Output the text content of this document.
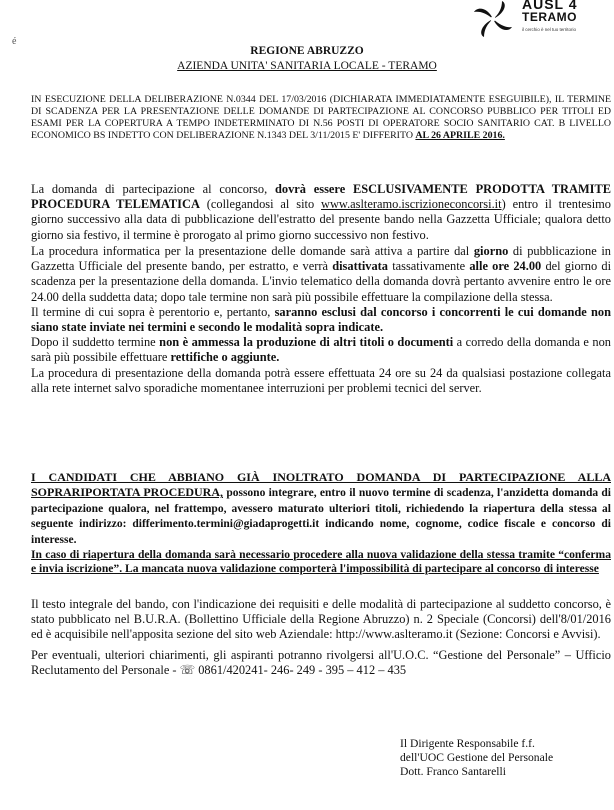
AUSL 4
TERAMO
il cerchio è nel tuo territorio
é
REGIONE ABRUZZO
AZIENDA UNITA' SANITARIA LOCALE - TERAMO
IN ESECUZIONE DELLA DELIBERAZIONE N.0344 DEL 17/03/2016 (DICHIARATA IMMEDIATAMENTE ESEGUIBILE), IL TERMINE DI SCADENZA PER LA PRESENTAZIONE DELLE DOMANDE DI PARTECIPAZIONE AL CONCORSO PUBBLICO PER TITOLI ED ESAMI PER LA COPERTURA A TEMPO INDETERMINATO DI N.56 POSTI DI OPERATORE SOCIO SANITARIO CAT. B LIVELLO ECONOMICO BS INDETTO CON DELIBERAZIONE N.1343 DEL 3/11/2015 E' DIFFERITO AL 26 APRILE 2016.
La domanda di partecipazione al concorso, dovrà essere ESCLUSIVAMENTE PRODOTTA TRAMITE PROCEDURA TELEMATICA (collegandosi al sito www.aslteramo.iscrizioneconcorsi.it) entro il trentesimo giorno successivo alla data di pubblicazione dell'estratto del presente bando nella Gazzetta Ufficiale; qualora detto giorno sia festivo, il termine è prorogato al primo giorno successivo non festivo.

La procedura informatica per la presentazione delle domande sarà attiva a partire dal giorno di pubblicazione in Gazzetta Ufficiale del presente bando, per estratto, e verrà disattivata tassativamente alle ore 24.00 del giorno di scadenza per la presentazione della domanda. L'invio telematico della domanda dovrà pertanto avvenire entro le ore 24.00 della suddetta data; dopo tale termine non sarà più possibile effettuare la compilazione della stessa.

Il termine di cui sopra è perentorio e, pertanto, saranno esclusi dal concorso i concorrenti le cui domande non siano state inviate nei termini e secondo le modalità sopra indicate.

Dopo il suddetto termine non è ammessa la produzione di altri titoli o documenti a corredo della domanda e non sarà più possibile effettuare rettifiche o aggiunte.

La procedura di presentazione della domanda potrà essere effettuata 24 ore su 24 da qualsiasi postazione collegata alla rete internet salvo sporadiche momentanee interruzioni per problemi tecnici del server.

I CANDIDATI CHE ABBIANO GIÀ INOLTRATO DOMANDA DI PARTECIPAZIONE ALLA SOPRARIPORTATA PROCEDURA, possono integrare, entro il nuovo termine di scadenza, l'anzidetta domanda di partecipazione qualora, nel frattempo, avessero maturato ulteriori titoli, richiedendo la riapertura della stessa al seguente indirizzo: differimento.termini@giadaprogetti.it indicando nome, cognome, codice fiscale e concorso di interesse.

In caso di riapertura della domanda sarà necessario procedere alla nuova validazione della stessa tramite “conferma e invia iscrizione”. La mancata nuova validazione comporterà l'impossibilità di partecipare al concorso di interesse

Il testo integrale del bando, con l'indicazione dei requisiti e delle modalità di partecipazione al suddetto concorso, è stato pubblicato nel B.U.R.A. (Bollettino Ufficiale della Regione Abruzzo) n. 2 Speciale (Concorsi) dell'8/01/2016 ed è acquisibile nell'apposita sezione del sito web Aziendale: http://www.aslteramo.it (Sezione: Concorsi e Avvisi).
Per eventuali, ulteriori chiarimenti, gli aspiranti potranno rivolgersi all'U.O.C. “Gestione del Personale” – Ufficio Reclutamento del Personale - ☏ 0861/420241- 246- 249 - 395 – 412 – 435
Il Dirigente Responsabile f.f.
dell'UOC Gestione del Personale
Dott. Franco Santarelli
